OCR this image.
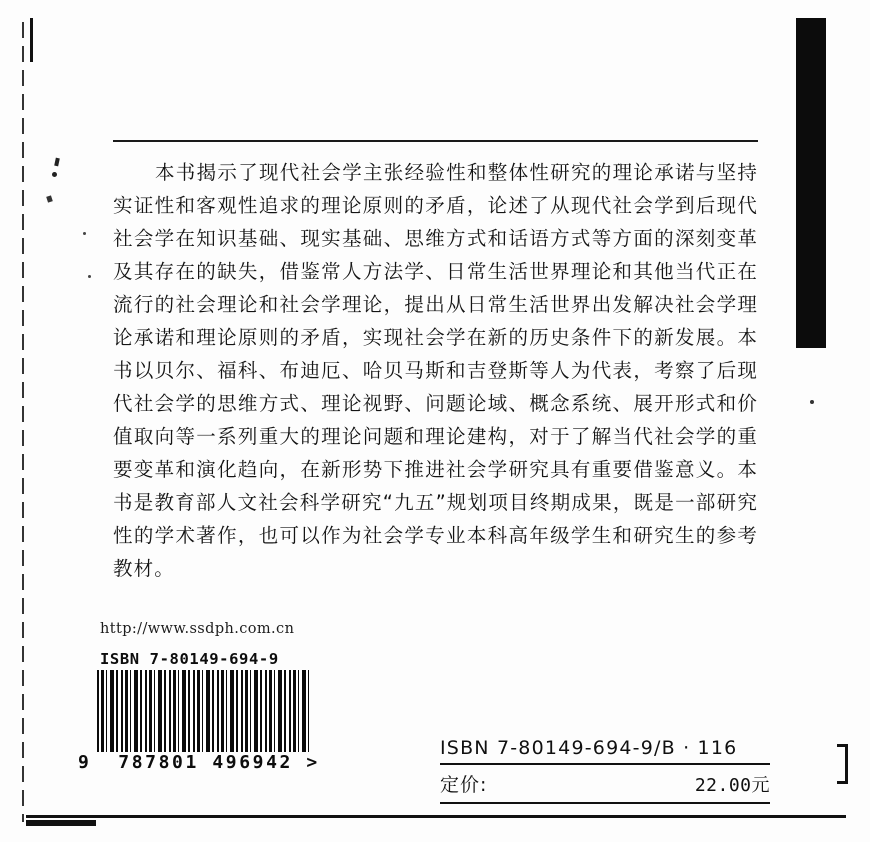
本书揭示了现代社会学主张经验性和整体性研究的理论承诺与坚持实证性和客观性追求的理论原则的矛盾，论述了从现代社会学到后现代社会学在知识基础、现实基础、思维方式和话语方式等方面的深刻变革及其存在的缺失，借鉴常人方法学、日常生活世界理论和其他当代正在流行的社会理论和社会学理论，提出从日常生活世界出发解决社会学理论承诺和理论原则的矛盾，实现社会学在新的历史条件下的新发展。本书以贝尔、福科、布迪厄、哈贝马斯和吉登斯等人为代表，考察了后现代社会学的思维方式、理论视野、问题论域、概念系统、展开形式和价值取向等一系列重大的理论问题和理论建构，对于了解当代社会学的重要变革和演化趋向，在新形势下推进社会学研究具有重要借鉴意义。本书是教育部人文社会科学研究“九五”规划项目终期成果，既是一部研究性的学术著作，也可以作为社会学专业本科高年级学生和研究生的参考教材。
http://www.ssdph.com.cn
ISBN 7-80149-694-9
9  787801 496942 >
ISBN 7-80149-694-9/B · 116
定价:	22.00元
